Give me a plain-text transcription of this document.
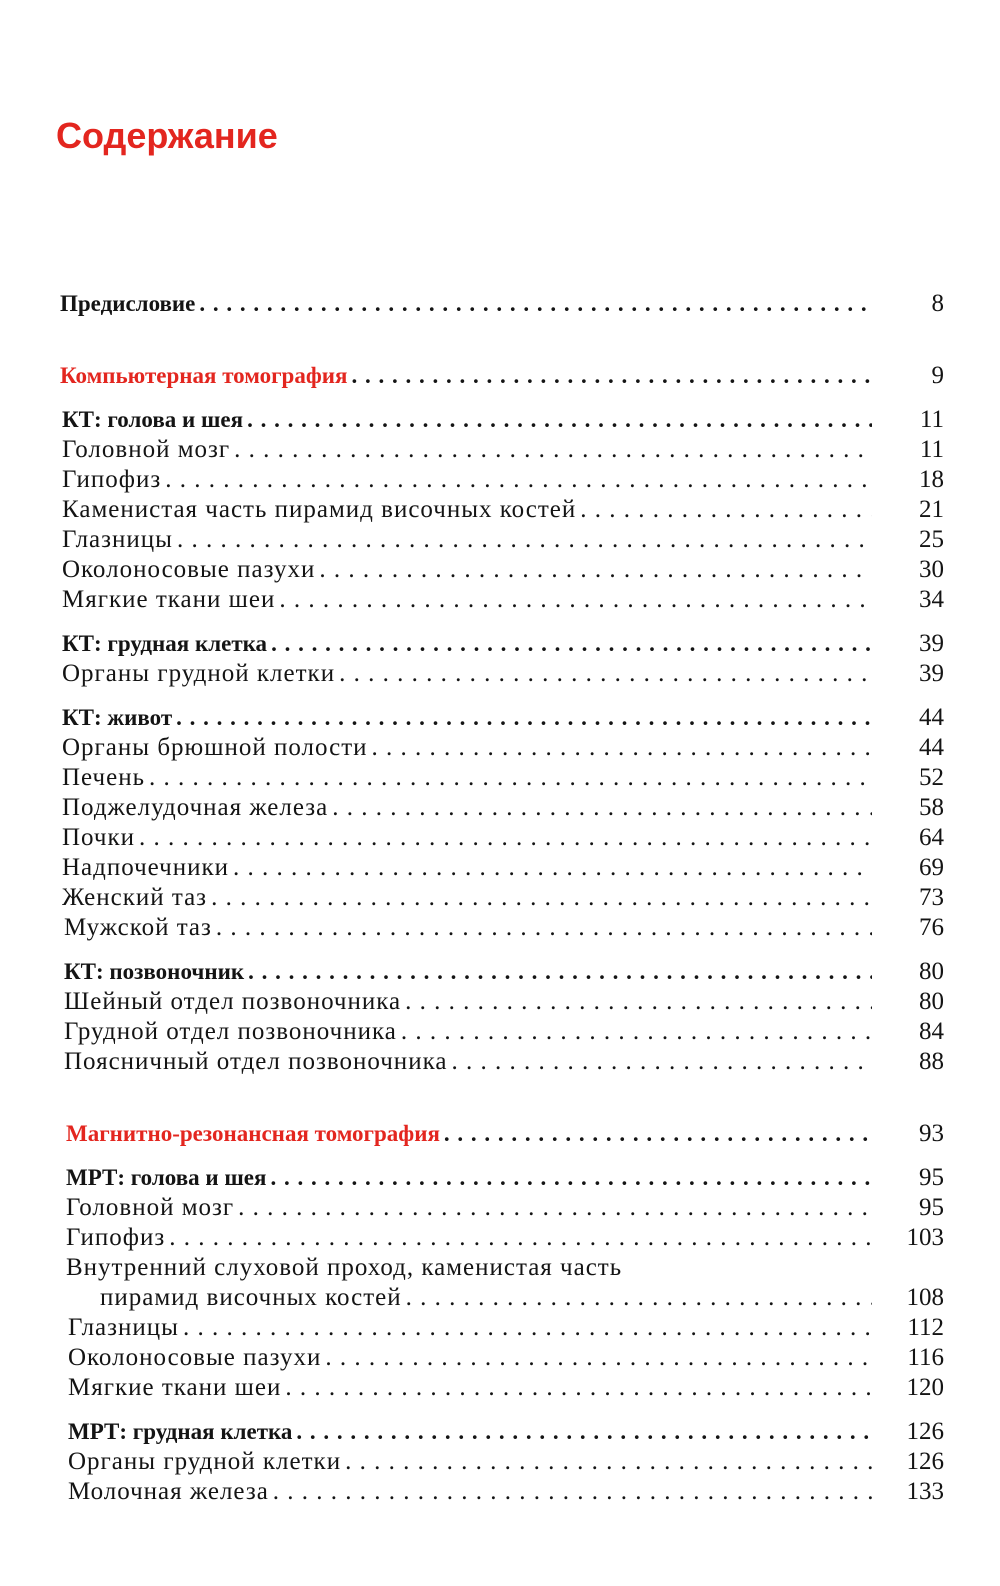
Содержание
Предисловие . . .	8
Компьютерная томография . . .	9
КТ: голова и шея . . .	11
Головной мозг . . .	11
Гипофиз . . .	18
Каменистая часть пирамид височных костей . . .	21
Глазницы . . .	25
Околоносовые пазухи . . .	30
Мягкие ткани шеи . . .	34
КТ: грудная клетка . . .	39
Органы грудной клетки . . .	39
КТ: живот . . .	44
Органы брюшной полости . . .	44
Печень . . .	52
Поджелудочная железа . . .	58
Почки . . .	64
Надпочечники . . .	69
Женский таз . . .	73
Мужской таз . . .	76
КТ: позвоночник . . .	80
Шейный отдел позвоночника . . .	80
Грудной отдел позвоночника . . .	84
Поясничный отдел позвоночника . . .	88
Магнитно-резонансная томография . . .	93
МРТ: голова и шея . . .	95
Головной мозг . . .	95
Гипофиз . . .	103
Внутренний слуховой проход, каменистая часть
пирамид височных костей . . .	108
Глазницы . . .	112
Околоносовые пазухи . . .	116
Мягкие ткани шеи . . .	120
МРТ: грудная клетка . . .	126
Органы грудной клетки . . .	126
Молочная железа . . .	133
